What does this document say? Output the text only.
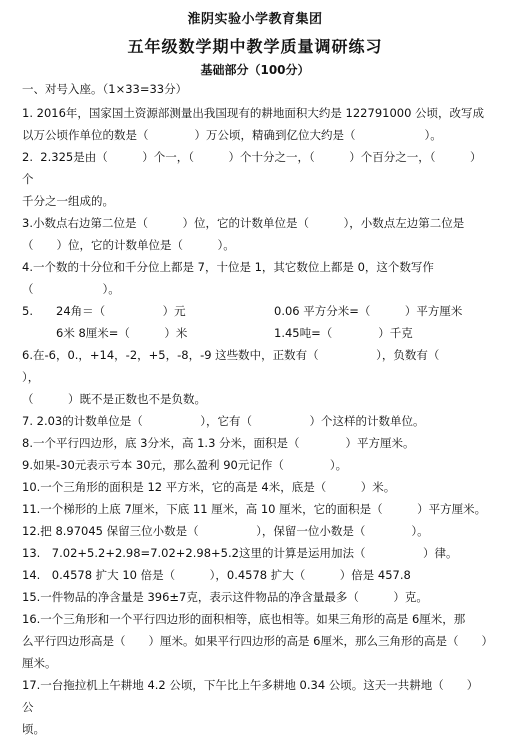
淮阴实验小学教育集团
五年级数学期中教学质量调研练习
基础部分（100分）
一、对号入座。（1×33=33分）
1. 2016年，国家国土资源部测量出我国现有的耕地面积大约是 122791000 公顷，改写成
以万公顷作单位的数是（　　　　）万公顷，精确到亿位大约是（　　　　　　）。
2.  2.325是由（　　　）个一，（　　　）个十分之一，（　　　）个百分之一，（　　　）个
千分之一组成的。
3.小数点右边第二位是（　　　）位，它的计数单位是（　　　），小数点左边第二位是
（　　）位，它的计数单位是（　　　）。
4.一个数的十分位和千分位上都是 7，十位是 1，其它数位上都是 0，这个数写作
（　　　　　　）。
5.	24角＝（　　　　　）元	0.06 平方分米=（　　　）平方厘米
6米 8厘米=（　　　）米	1.45吨=（　　　　）千克
6.在-6，0.，+14，-2，+5，-8，-9 这些数中，正数有（　　　　　），负数有（　　　　），
（　　　）既不是正数也不是负数。
7. 2.03的计数单位是（　　　　　），它有（　　　　　）个这样的计数单位。
8.一个平行四边形，底 3分米，高 1.3 分米，面积是（　　　　）平方厘米。
9.如果-30元表示亏本 30元，那么盈利 90元记作（　　　　）。
10.一个三角形的面积是 12 平方米，它的高是 4米，底是（　　　）米。
11.一个梯形的上底 7厘米，下底 11 厘米，高 10 厘米，它的面积是（　　　）平方厘米。
12.把 8.97045 保留三位小数是（　　　　　），保留一位小数是（　　　　）。
13.　7.02+5.2+2.98=7.02+2.98+5.2这里的计算是运用加法（　　　　　）律。
14.　0.4578 扩大 10 倍是（　　　），0.4578 扩大（　　　）倍是 457.8
15.一件物品的净含量是 396±7克，表示这件物品的净含量最多（　　　）克。
16.一个三角形和一个平行四边形的面积相等，底也相等。如果三角形的高是 6厘米，那
么平行四边形高是（　　）厘米。如果平行四边形的高是 6厘米，那么三角形的高是（　　）
厘米。
17.一台拖拉机上午耕地 4.2 公顷，下午比上午多耕地 0.34 公顷。这天一共耕地（　　）公
顷。
